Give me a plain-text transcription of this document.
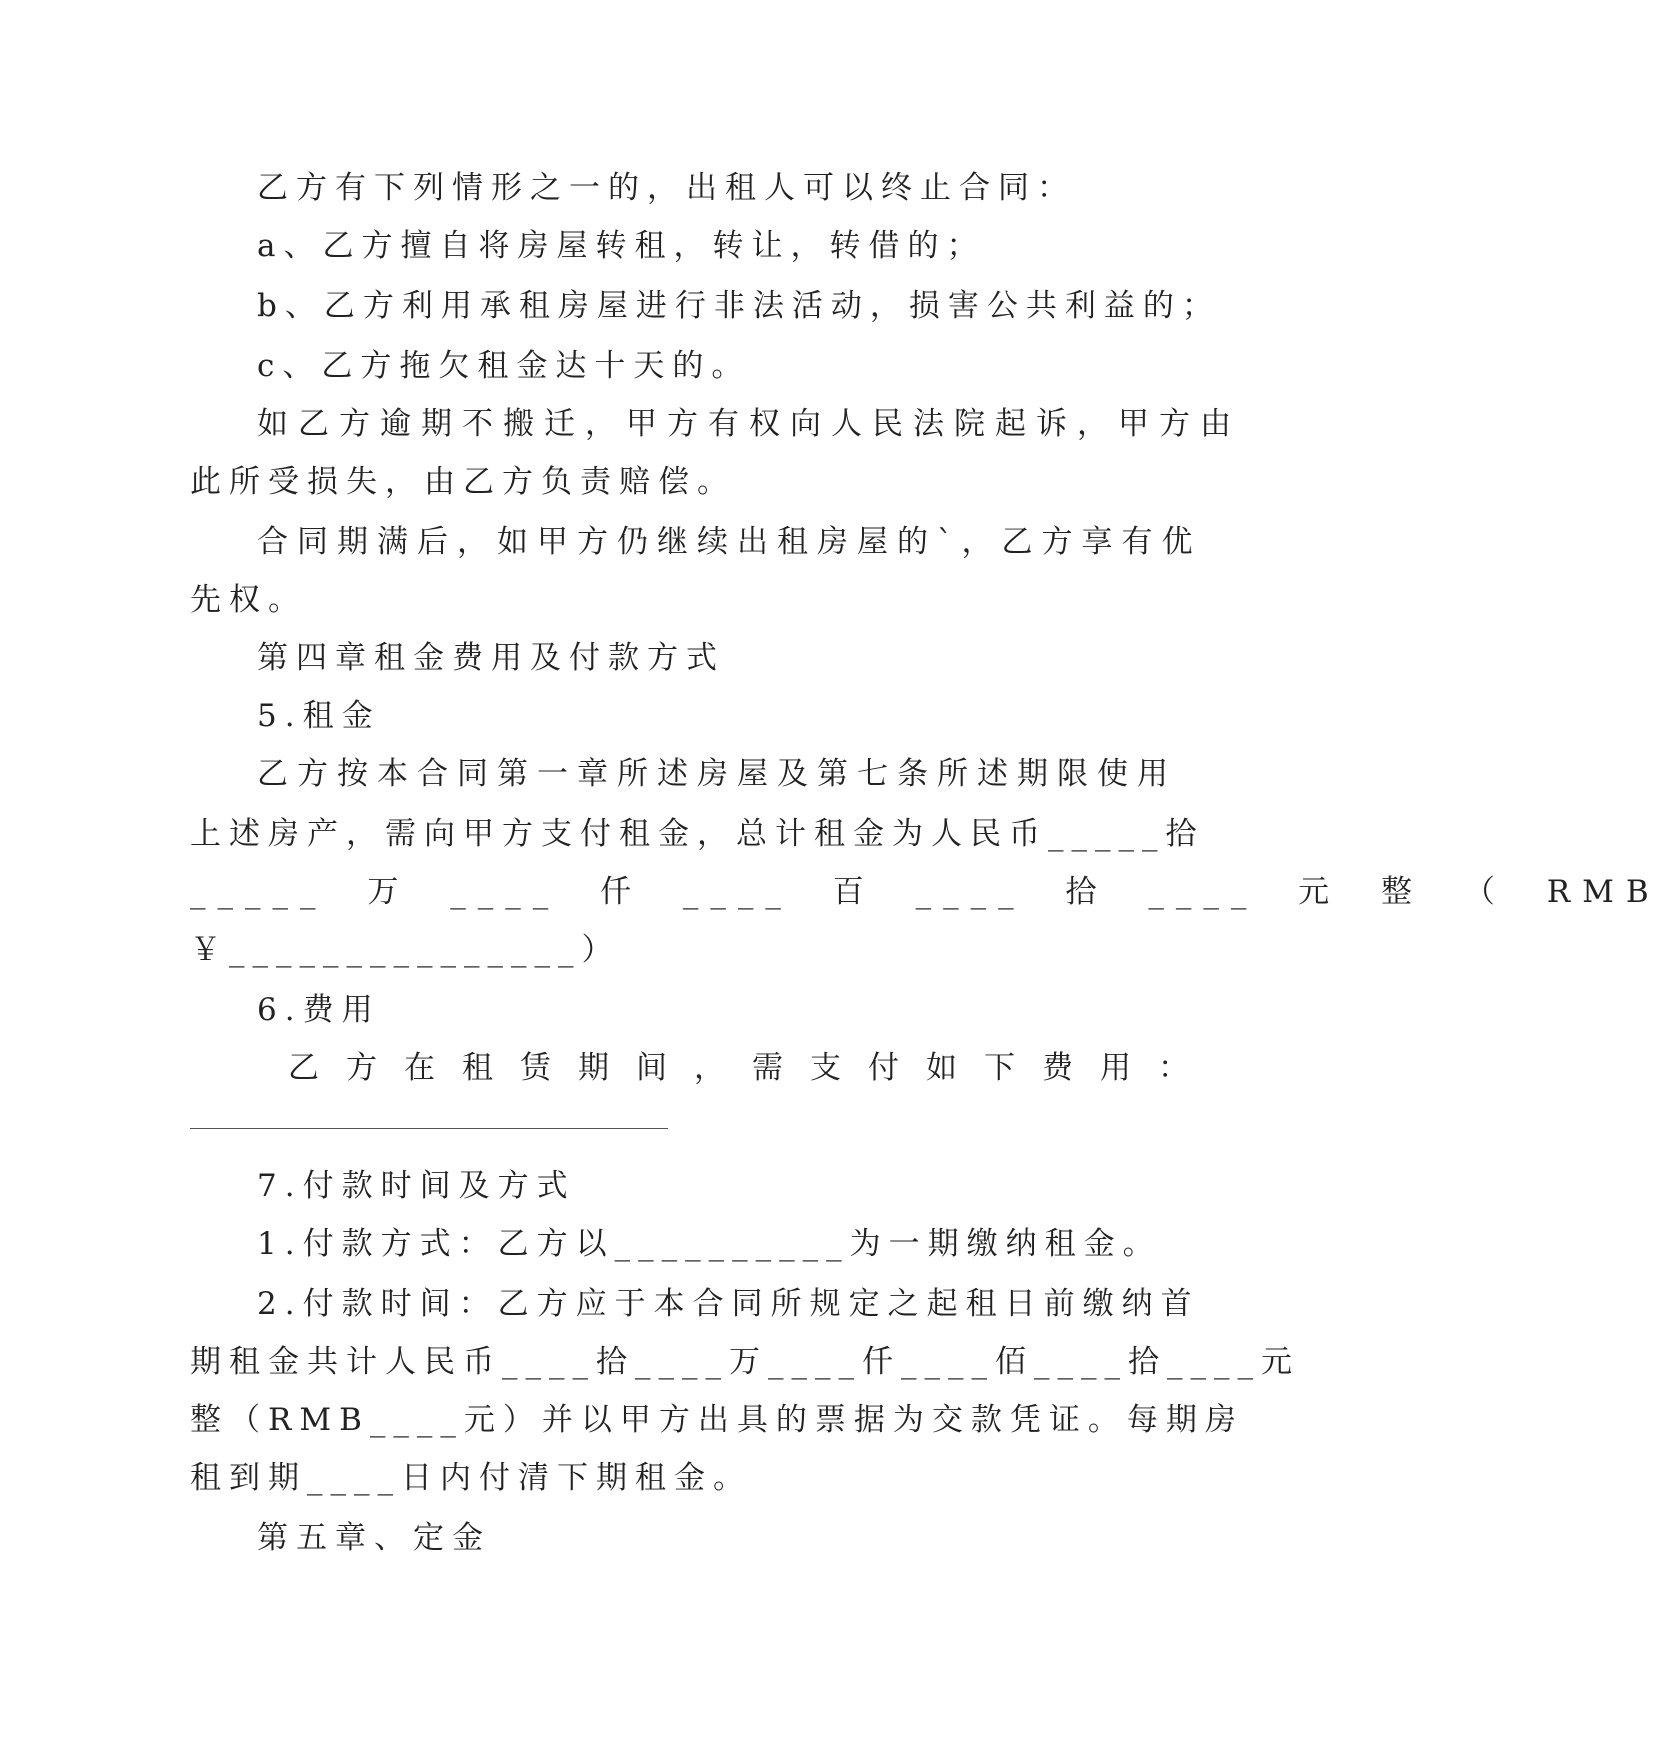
乙方有下列情形之一的，出租人可以终止合同：
a、乙方擅自将房屋转租，转让，转借的；
b、乙方利用承租房屋进行非法活动，损害公共利益的；
c、乙方拖欠租金达十天的。
如乙方逾期不搬迁，甲方有权向人民法院起诉，甲方由
此所受损失，由乙方负责赔偿。
合同期满后，如甲方仍继续出租房屋的`，乙方享有优
先权。
第四章租金费用及付款方式
5.租金
乙方按本合同第一章所述房屋及第七条所述期限使用
上述房产，需向甲方支付租金，总计租金为人民币_____拾
_____ 万 ____ 仟 ____ 百 ____ 拾 ____ 元 整 （ RMB
￥_______________）
6.费用
乙方在租赁期间，需支付如下费用：
7.付款时间及方式
1.付款方式：乙方以__________为一期缴纳租金。
2.付款时间：乙方应于本合同所规定之起租日前缴纳首
期租金共计人民币____拾____万____仟____佰____拾____元
整（RMB____元）并以甲方出具的票据为交款凭证。每期房
租到期____日内付清下期租金。
第五章、定金
